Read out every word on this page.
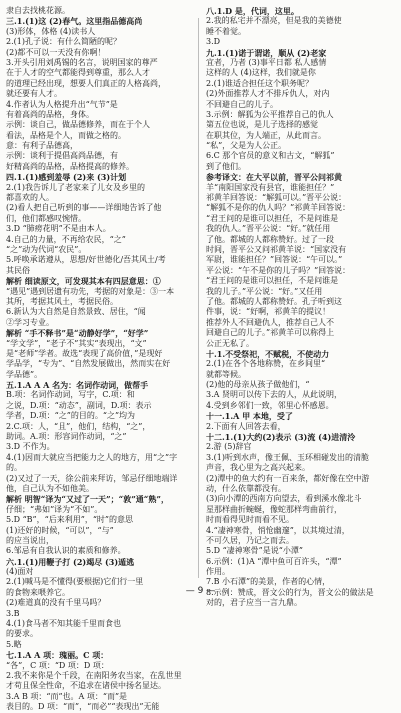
隶自去找桃花源。
三.1.(1)这 (2)春气。这里指品德高尚
(3)形体，体格 (4)读书人
2.(1)孔子说：有什么简陋的呢？
(2)都不可以一天没有你啊！
3.开头引用刘禹锡的名言，说明国家的尊严
在于人才的空气都能得到尊重，那么人才
的道理已经出现，想要人们真正的人格高尚，
就还要有人才。
4.作者认为人格提升出“气节”是
有着高尚的品格，身体。
示例：谈自己，做品德修养，而在于个人
看法，品格是个人，而做之格的。
意：有利子品德高，
示例：谈利于提倡高尚品德，有
好精高尚的品格，品格提高的修养。
四.1.(1)感到羞辱 (2)来 (3)计划
2.(1)我告诉儿了老家来了儿女及乡里的
都喜欢的人。
(2)看人把自己听到的事——详细地告诉了他
们，他们都感叹惋惜。
3.D “肺痨花明”不是由本人。
4.自己的力量，不再给农民，“之”
“之”动为代词“农民”。
5.呼唤承诺遵从，思想/好世德化/吾其风土/考
其民俗
解析 细读原文，可发现其本有四层意思：①
“遇见”遇到居遗有功先，考据的对象是：③一本
其所，考据其风土，考据民俗。
6.新认为大自然是自然景致、居住，“闻
②学习专业。
解析 “手不释书”是“动静好学”，“好学”
“学文学”，“老子不”其实“表现出，“文”
是“老师”学者。故选“表现了高价值，”是现好
学品学，“专为”、“自然发展做出，然而实在好
学品德”。
五.1.A A A 名为：名词作动词，做帮手
B.项：名词作动词，写字，C.项：和
之说，D.项：“动态”，副词，D.项：表示
学者，D.项：“之”的目的。“之”均为
2.C.项：人，“且”，他们，结构，“之”，
助词。A.项：形容词作动词，“之”
3.D 不作为。
4.(1)因而大就应当把能力之人的地方，用“之”字
的。
(2)又过了一天，徐公前来拜访，邹忌仔细地端详
他，自己认为不如他美。
解析 明智“译为“又过了一天”；“敦”通“熟”，
仔细；“弗如”译为“不如”。
5.D “B”，“后来利用”，“时”的意思
(1)还好的时候，“可以”，“与”
的应当说出，
6.邹忌有自我认识的素质和修养。
六.1.(1)用鞭子打 (2)竭尽 (3)遁逃
(4)面对
2.(1)喊马是不懂得(要根据)它们行一里
的食物来喂养它。
(2)难道真的没有千里马吗？
3.B
4.(1)食马者不知其能千里而食也
的要求。
5.略
七.1.A A 项：瑰丽。C 项：
“各”，C 项：“D 项：D 项：
2.我不来你是个千段，在南阳务农当家，在乱世里
才苟且保全性命，不追求在诸侯中扬名显达。
3.A B 项：“而”也。A 项：“而”是
表目的。D 项：“而”，“而必”“表现出”无能
八.1.D 是，代词，这里。
2.我的私宅并不漂亮，但是我的美德使
睡不着觉。
3.D
九.1.(1)诺于谓诺，顺从 (2)老家
宜者，乃者 (3)事平日都 私人感情
这样的人 (4)这样，我们就是你
2.(1)谁适合担任这个职务呢？
(2)外面推荐人才不排斥仇人，对内
不回避自己的儿子。
3.示例：解狐为公平推荐自己的仇人
第五位也说，是儿子选择的感觉
在职其位，为人端正，从此而言。
“私”，父是为人公正。
6.C 那个官员的意义和古文，“解狐”
到了他们。
参考译文：在大平以前，晋平公问祁黄
羊“南阳国家没有县官，谁能担任？”
祁黄羊回答说：“解狐可以。”晋平公说：
“解狐不是你的仇人吗？”祁黄羊回答说：
“君王问的是谁可以担任，不是问谁是
我的仇人。”晋平公说：“好。”就任用
了他。都城的人都称赞好。过了一段
时间，晋平公又问祁黄羊说：“国家没有
军尉，谁能担任？”回答说：“午可以。”
平公说：“午不是你的儿子吗？”回答说：
“君王问的是谁可以担任，不是问谁是
我的儿子。”平公说：“好。”又任用
了他。都城的人都称赞好。孔子听到这
件事，说：“好啊，祁黄羊的提议！
推荐外人不回避仇人，推荐自己人不
回避自己的儿子。”祁黄羊可以称得上
公正无私了。
十.1.不受祭祀，不赋税，不使动力
2.(1)在各个各地称赞，在乡间里“
就都等候。
(2)他的母亲从孩子做他们，“
3.A 贤明可以传下去的人，从此说明，
4.受到乡邻们一致，邻里心怀感恩。
十一.1.A 甲 本地，受了
2.下面有人回答去看，
十二.1.(1)大约(2)表示 (3)流 (4)进清泠
2.游 (5)辞官
3.(1)听到水声，像王佩、玉环相碰发出的清脆
声音，我心里为之高兴起来。
(2)潭中的鱼大约有一百来条，都好像在空中游
动，什么依靠都没有。
(3)向小潭的西南方向望去，看到溪水像北斗
星那样曲折蜿蜒，像蛇那样弯曲前行，
时而看得见时而看不见。
4.“凄神寒骨，悄怆幽邃”，以其境过清，
不可久居，乃记之而去。
5.D “凄神寒骨”是说“小潭”
6.示例：(1)A “潭中鱼可百许头，“潭”
作用。
7.B 小石潭”的美景，作者的心情，
8.示例：赞成，晋文公的行为，晋文公的做法是
对的，君子应当一言九鼎。
— 9 —
